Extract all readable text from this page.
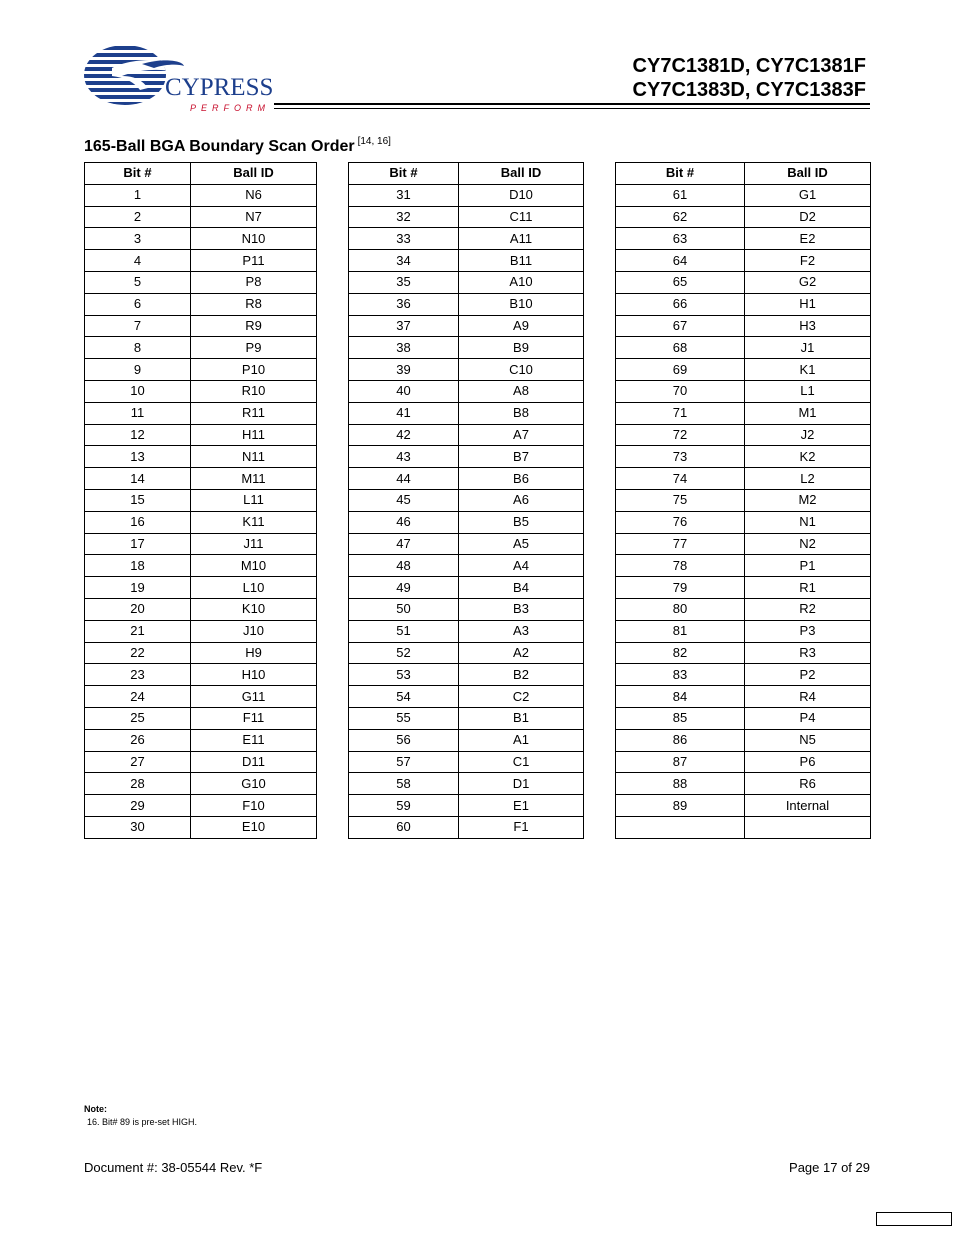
CYPRESS
PERFORM
CY7C1381D, CY7C1381F
CY7C1383D, CY7C1383F
165-Ball BGA Boundary Scan Order [14, 16]
Bit #	Ball ID
1	N6
2	N7
3	N10
4	P11
5	P8
6	R8
7	R9
8	P9
9	P10
10	R10
11	R11
12	H11
13	N11
14	M11
15	L11
16	K11
17	J11
18	M10
19	L10
20	K10
21	J10
22	H9
23	H10
24	G11
25	F11
26	E11
27	D11
28	G10
29	F10
30	E10
Bit #	Ball ID
31	D10
32	C11
33	A11
34	B11
35	A10
36	B10
37	A9
38	B9
39	C10
40	A8
41	B8
42	A7
43	B7
44	B6
45	A6
46	B5
47	A5
48	A4
49	B4
50	B3
51	A3
52	A2
53	B2
54	C2
55	B1
56	A1
57	C1
58	D1
59	E1
60	F1
Bit #	Ball ID
61	G1
62	D2
63	E2
64	F2
65	G2
66	H1
67	H3
68	J1
69	K1
70	L1
71	M1
72	J2
73	K2
74	L2
75	M2
76	N1
77	N2
78	P1
79	R1
80	R2
81	P3
82	R3
83	P2
84	R4
85	P4
86	N5
87	P6
88	R6
89	Internal

Note:
16. Bit# 89 is pre-set HIGH.
Document #: 38-05544 Rev. *F	Page 17 of 29
